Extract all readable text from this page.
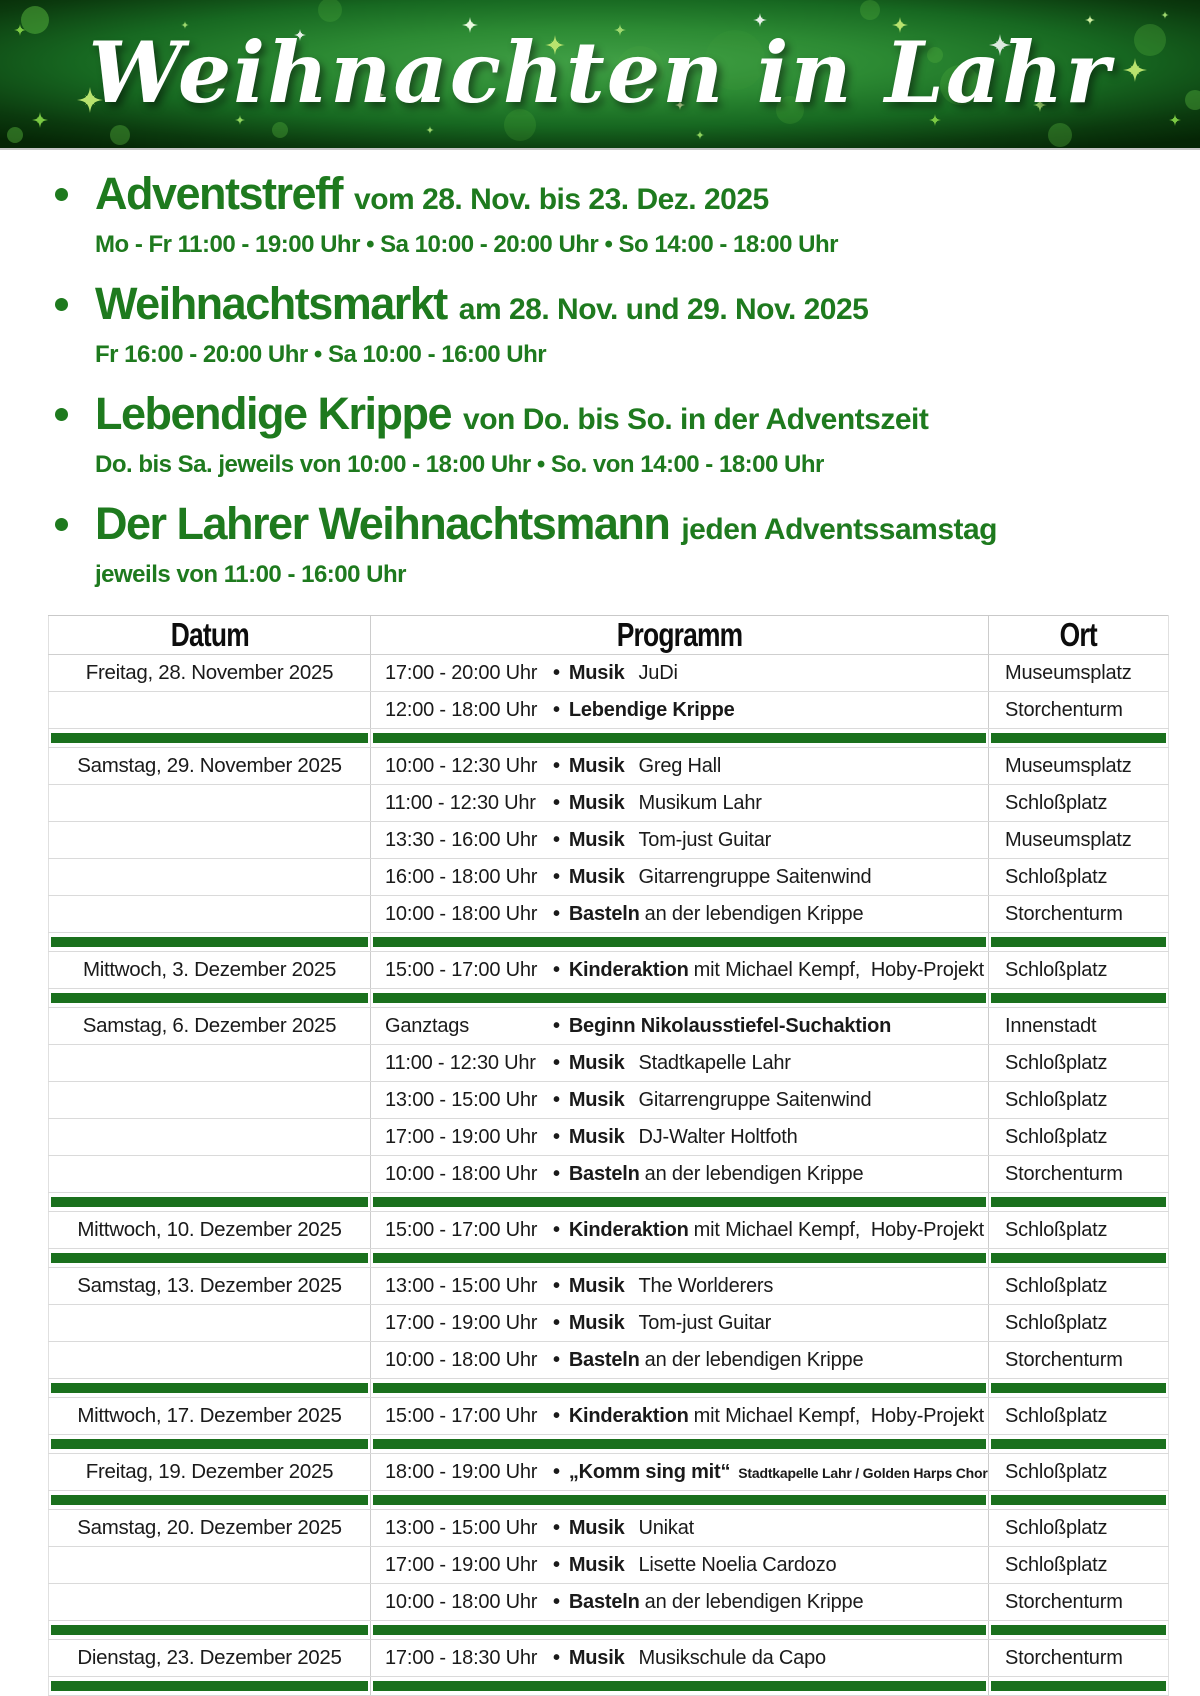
Weihnachten in Lahr
Adventstreff vom 28. Nov. bis 23. Dez. 2025
Mo - Fr 11:00 - 19:00 Uhr • Sa 10:00 - 20:00 Uhr • So 14:00 - 18:00 Uhr
Weihnachtsmarkt am 28. Nov. und 29. Nov. 2025
Fr 16:00 - 20:00 Uhr • Sa 10:00 - 16:00 Uhr
Lebendige Krippe von Do. bis So. in der Adventszeit
Do. bis Sa. jeweils von 10:00 - 18:00 Uhr • So. von 14:00 - 18:00 Uhr
Der Lahrer Weihnachtsmann jeden Adventssamstag
jeweils von 11:00 - 16:00 Uhr
Datum	Programm	Ort
Freitag, 28. November 2025	17:00 - 20:00 Uhr • Musik JuDi	Museumsplatz
	12:00 - 18:00 Uhr • Lebendige Krippe	Storchenturm

Samstag, 29. November 2025	10:00 - 12:30 Uhr • Musik Greg Hall	Museumsplatz
	11:00 - 12:30 Uhr • Musik Musikum Lahr	Schloßplatz
	13:30 - 16:00 Uhr • Musik Tom-just Guitar	Museumsplatz
	16:00 - 18:00 Uhr • Musik Gitarrengruppe Saitenwind	Schloßplatz
	10:00 - 18:00 Uhr • Basteln an der lebendigen Krippe	Storchenturm

Mittwoch, 3. Dezember 2025	15:00 - 17:00 Uhr • Kinderaktion mit Michael Kempf,  Hoby-Projekt	Schloßplatz

Samstag, 6. Dezember 2025	Ganztags • Beginn Nikolausstiefel-Suchaktion	Innenstadt
	11:00 - 12:30 Uhr • Musik Stadtkapelle Lahr	Schloßplatz
	13:00 - 15:00 Uhr • Musik Gitarrengruppe Saitenwind	Schloßplatz
	17:00 - 19:00 Uhr • Musik DJ-Walter Holtfoth	Schloßplatz
	10:00 - 18:00 Uhr • Basteln an der lebendigen Krippe	Storchenturm

Mittwoch, 10. Dezember 2025	15:00 - 17:00 Uhr • Kinderaktion mit Michael Kempf,  Hoby-Projekt	Schloßplatz

Samstag, 13. Dezember 2025	13:00 - 15:00 Uhr • Musik The Worlderers	Schloßplatz
	17:00 - 19:00 Uhr • Musik Tom-just Guitar	Schloßplatz
	10:00 - 18:00 Uhr • Basteln an der lebendigen Krippe	Storchenturm

Mittwoch, 17. Dezember 2025	15:00 - 17:00 Uhr • Kinderaktion mit Michael Kempf,  Hoby-Projekt	Schloßplatz

Freitag, 19. Dezember 2025	18:00 - 19:00 Uhr • „Komm sing mit“ Stadtkapelle Lahr / Golden Harps Chor	Schloßplatz

Samstag, 20. Dezember 2025	13:00 - 15:00 Uhr • Musik Unikat	Schloßplatz
	17:00 - 19:00 Uhr • Musik Lisette Noelia Cardozo	Schloßplatz
	10:00 - 18:00 Uhr • Basteln an der lebendigen Krippe	Storchenturm

Dienstag, 23. Dezember 2025	17:00 - 18:30 Uhr • Musik Musikschule da Capo	Storchenturm
